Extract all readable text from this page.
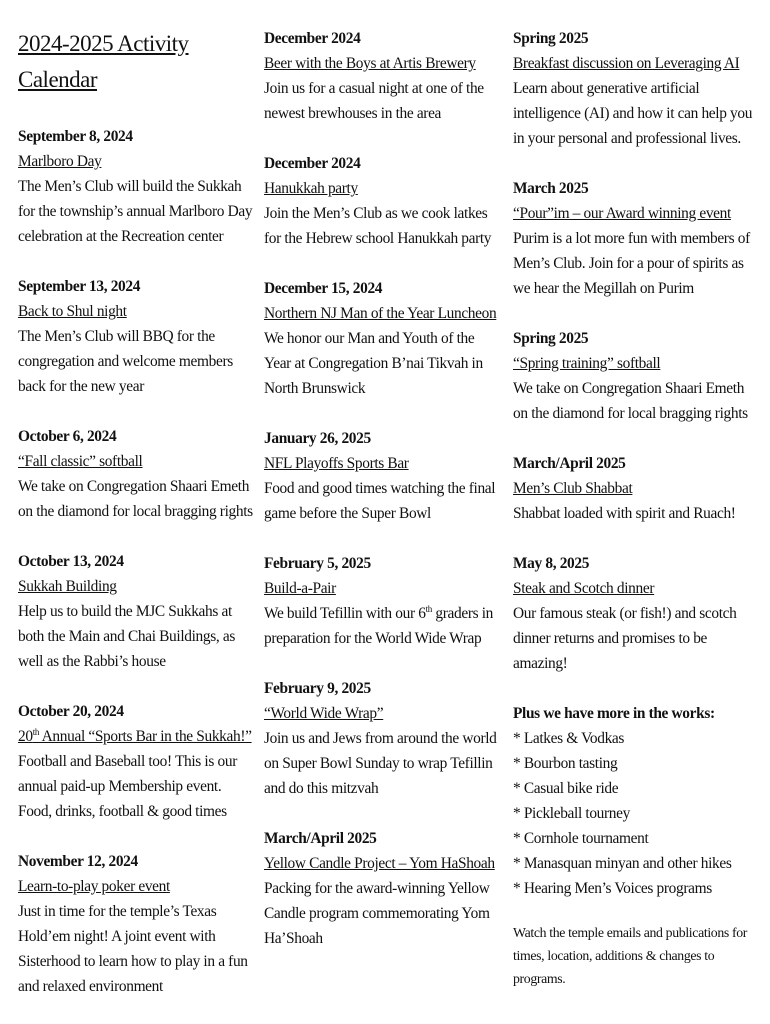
2024-2025 Activity Calendar
September 8, 2024
Marlboro Day
The Men’s Club will build the Sukkah for the township’s annual Marlboro Day celebration at the Recreation center
September 13, 2024
Back to Shul night
The Men’s Club will BBQ for the congregation and welcome members back for the new year
October 6, 2024
“Fall classic” softball
We take on Congregation Shaari Emeth on the diamond for local bragging rights
October 13, 2024
Sukkah Building
Help us to build the MJC Sukkahs at both the Main and Chai Buildings, as well as the Rabbi’s house
October 20, 2024
20th Annual “Sports Bar in the Sukkah!”
Football and Baseball too! This is our annual paid-up Membership event. Food, drinks, football & good times
November 12, 2024
Learn-to-play poker event
Just in time for the temple’s Texas Hold’em night! A joint event with Sisterhood to learn how to play in a fun and relaxed environment
December 2024
Beer with the Boys at Artis Brewery
Join us for a casual night at one of the newest brewhouses in the area
December 2024
Hanukkah party
Join the Men’s Club as we cook latkes for the Hebrew school Hanukkah party
December 15, 2024
Northern NJ Man of the Year Luncheon
We honor our Man and Youth of the Year at Congregation B’nai Tikvah in North Brunswick
January 26, 2025
NFL Playoffs Sports Bar
Food and good times watching the final game before the Super Bowl
February 5, 2025
Build-a-Pair
We build Tefillin with our 6th graders in preparation for the World Wide Wrap
February 9, 2025
“World Wide Wrap”
Join us and Jews from around the world on Super Bowl Sunday to wrap Tefillin and do this mitzvah
March/April 2025
Yellow Candle Project – Yom HaShoah
Packing for the award-winning Yellow Candle program commemorating Yom Ha’Shoah
Spring 2025
Breakfast discussion on Leveraging AI
Learn about generative artificial intelligence (AI) and how it can help you in your personal and professional lives.
March 2025
“Pour”im – our Award winning event
Purim is a lot more fun with members of Men’s Club. Join for a pour of spirits as we hear the Megillah on Purim
Spring 2025
“Spring training” softball
We take on Congregation Shaari Emeth on the diamond for local bragging rights
March/April 2025
Men’s Club Shabbat
Shabbat loaded with spirit and Ruach!
May 8, 2025
Steak and Scotch dinner
Our famous steak (or fish!) and scotch dinner returns and promises to be amazing!
Plus we have more in the works:
* Latkes & Vodkas
* Bourbon tasting
* Casual bike ride
* Pickleball tourney
* Cornhole tournament
* Manasquan minyan and other hikes
* Hearing Men’s Voices programs
Watch the temple emails and publications for times, location, additions & changes to programs.
